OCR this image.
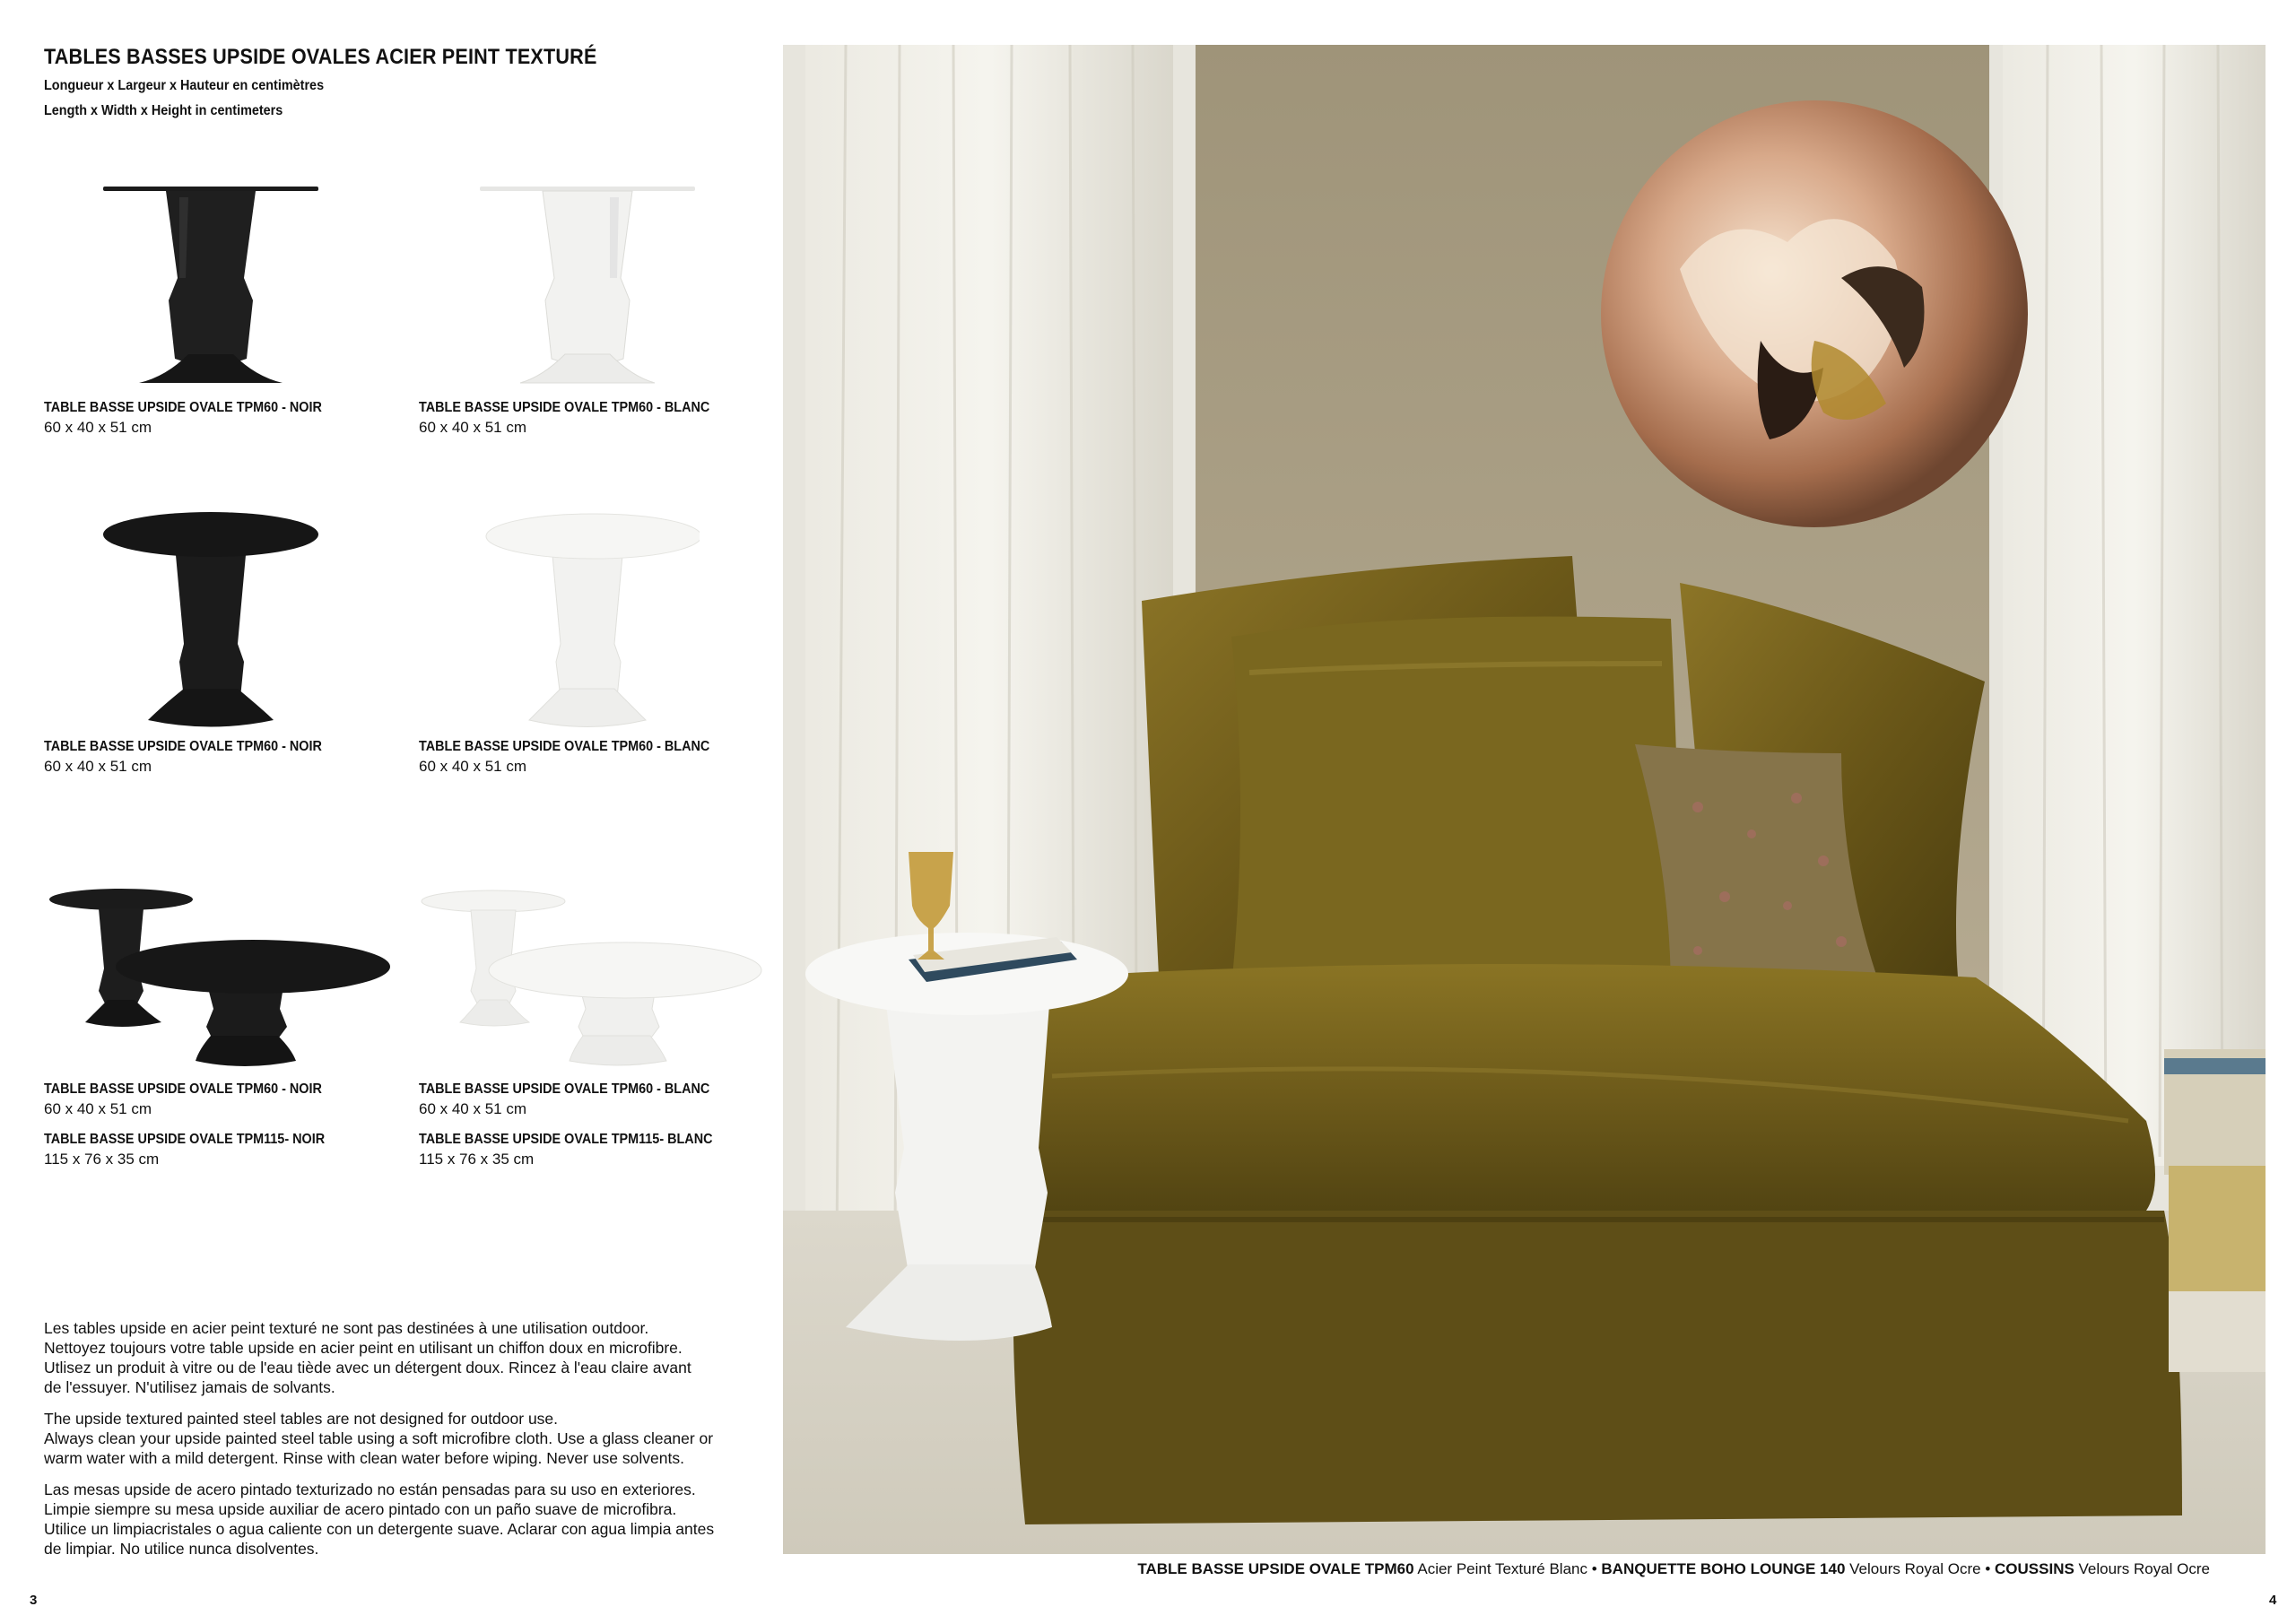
TABLES BASSES UPSIDE OVALES ACIER PEINT TEXTURÉ
Longueur x Largeur x Hauteur en centimètres
Length x Width x Height in centimeters
TABLE BASSE UPSIDE OVALE TPM60 - NOIR
60 x 40 x 51 cm
TABLE BASSE UPSIDE OVALE TPM60 - BLANC
60 x 40 x 51 cm
TABLE BASSE UPSIDE OVALE TPM60 - NOIR
60 x 40 x 51 cm
TABLE BASSE UPSIDE OVALE TPM60 - BLANC
60 x 40 x 51 cm
TABLE BASSE UPSIDE OVALE TPM60 - NOIR
60 x 40 x 51 cm
TABLE BASSE UPSIDE OVALE TPM115- NOIR
115 x 76 x 35 cm
TABLE BASSE UPSIDE OVALE TPM60 - BLANC
60 x 40 x 51 cm
TABLE BASSE UPSIDE OVALE TPM115- BLANC
115 x 76 x 35 cm

Les tables upside en acier peint texturé ne sont pas destinées à une utilisation outdoor.

Nettoyez toujours votre table upside en acier peint en utilisant un chiffon doux en microfibre.

Utlisez un produit à vitre ou de l'eau tiède avec un détergent doux. Rincez à l'eau claire avant

de l'essuyer. N'utilisez jamais de solvants.

The upside textured painted steel tables are not designed for outdoor use.

Always clean your upside painted steel table using a soft microfibre cloth. Use a glass cleaner or

warm water with a mild detergent. Rinse with clean water before wiping. Never use solvents.

Las mesas upside de acero pintado texturizado no están pensadas para su uso en exteriores.

Limpie siempre su mesa upside auxiliar de acero pintado con un paño suave de microfibra.

Utilice un limpiacristales o agua caliente con un detergente suave. Aclarar con agua limpia antes

de limpiar. No utilice nunca disolventes.

3
TABLE BASSE UPSIDE OVALE TPM60 Acier Peint Texturé Blanc • BANQUETTE BOHO LOUNGE 140 Velours Royal Ocre • COUSSINS Velours Royal Ocre
4
